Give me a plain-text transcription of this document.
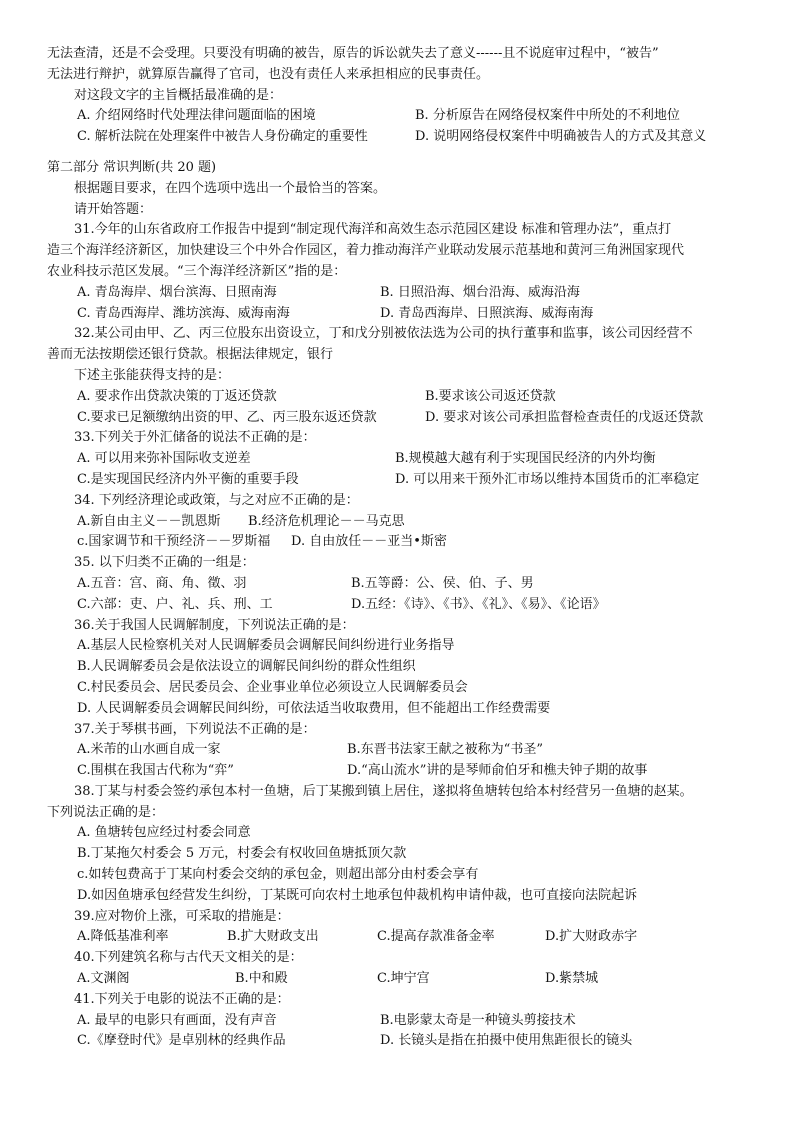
无法查清，还是不会受理。只要没有明确的被告，原告的诉讼就失去了意义------且不说庭审过程中，“被告”

无法进行辩护，就算原告赢得了官司，也没有责任人来承担相应的民事责任。

对这段文字的主旨概括最准确的是：

A. 介绍网络时代处理法律问题面临的困境	B. 分析原告在网络侵权案件中所处的不利地位
C. 解析法院在处理案件中被告人身份确定的重要性	D. 说明网络侵权案件中明确被告人的方式及其意义

第二部分 常识判断(共 20 题)

根据题目要求，在四个选项中选出一个最恰当的答案。

请开始答题：

31.今年的山东省政府工作报告中提到“制定现代海洋和高效生态示范园区建设 标准和管理办法”，重点打

造三个海洋经济新区，加快建设三个中外合作园区，着力推动海洋产业联动发展示范基地和黄河三角洲国家现代

农业科技示范区发展。“三个海洋经济新区”指的是：

A. 青岛海岸、烟台滨海、日照南海	B. 日照沿海、烟台沿海、威海沿海
C. 青岛西海岸、潍坊滨海、威海南海	D. 青岛西海岸、日照滨海、威海南海

32.某公司由甲、乙、丙三位股东出资设立，丁和戊分别被依法选为公司的执行董事和监事，该公司因经营不

善而无法按期偿还银行贷款。根据法律规定，银行

下述主张能获得支持的是：

A. 要求作出贷款决策的丁返还贷款	B.要求该公司返还贷款
C.要求已足额缴纳出资的甲、乙、丙三股东返还贷款	D. 要求对该公司承担监督检查责任的戊返还贷款

33.下列关于外汇储备的说法不正确的是：

A. 可以用来弥补国际收支逆差	B.规模越大越有利于实现国民经济的内外均衡
C.是实现国民经济内外平衡的重要手段	D. 可以用来干预外汇市场以维持本国货币的汇率稳定

34. 下列经济理论或政策，与之对应不正确的是：

A.新自由主义－－凯恩斯	B.经济危机理论－－马克思
c.国家调节和干预经济－－罗斯福	D. 自由放任－－亚当•斯密

35. 以下归类不正确的一组是：

A.五音：宫、商、角、徵、羽	B.五等爵：公、侯、伯、子、男
C.六部：吏、户、礼、兵、刑、工	D.五经：《诗》、《书》、《礼》、《易》、《论语》

36.关于我国人民调解制度，下列说法正确的是：

A.基层人民检察机关对人民调解委员会调解民间纠纷进行业务指导

B.人民调解委员会是依法设立的调解民间纠纷的群众性组织

C.村民委员会、居民委员会、企业事业单位必须设立人民调解委员会

D. 人民调解委员会调解民间纠纷，可依法适当收取费用，但不能超出工作经费需要

37.关于琴棋书画，下列说法不正确的是：

A.米芾的山水画自成一家	B.东晋书法家王献之被称为“书圣”
C.围棋在我国古代称为“弈”	D.“高山流水”讲的是琴师俞伯牙和樵夫钟子期的故事

38.丁某与村委会签约承包本村一鱼塘，后丁某搬到镇上居住，遂拟将鱼塘转包给本村经营另一鱼塘的赵某。

下列说法正确的是：

A. 鱼塘转包应经过村委会同意

B.丁某拖欠村委会 5 万元，村委会有权收回鱼塘抵顶欠款

c.如转包费高于丁某向村委会交纳的承包金，则超出部分由村委会享有

D.如因鱼塘承包经营发生纠纷，丁某既可向农村土地承包仲裁机构申请仲裁，也可直接向法院起诉

39.应对物价上涨，可采取的措施是：

A.降低基准利率	B.扩大财政支出	C.提高存款准备金率	D.扩大财政赤字

40.下列建筑名称与古代天文相关的是：

A.文渊阁	B.中和殿	C.坤宁宫	D.紫禁城

41.下列关于电影的说法不正确的是：

A. 最早的电影只有画面，没有声音	B.电影蒙太奇是一种镜头剪接技术
C.《摩登时代》是卓别林的经典作品	D. 长镜头是指在拍摄中使用焦距很长的镜头
